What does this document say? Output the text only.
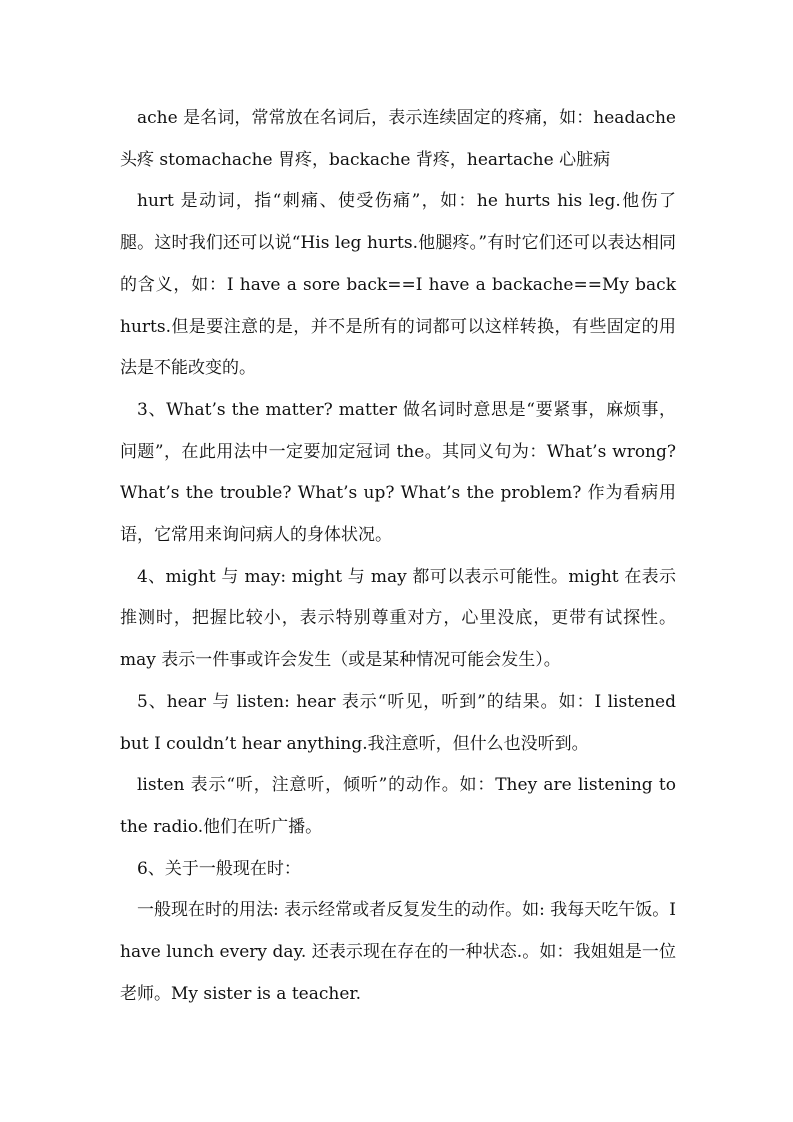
ache 是名词，常常放在名词后，表示连续固定的疼痛，如：headache 头疼 stomachache 胃疼，backache 背疼，heartache 心脏病

hurt 是动词，指“刺痛、使受伤痛”，如：he hurts his leg.他伤了腿。这时我们还可以说“His leg hurts.他腿疼。”有时它们还可以表达相同的含义，如：I have a sore back==I have a backache==My back hurts.但是要注意的是，并不是所有的词都可以这样转换，有些固定的用法是不能改变的。

3、What’s the matter? matter 做名词时意思是“要紧事，麻烦事，问题”，在此用法中一定要加定冠词 the。其同义句为：What’s wrong? What’s the trouble? What’s up? What’s the problem? 作为看病用语，它常用来询问病人的身体状况。

4、might 与 may: might 与 may 都可以表示可能性。might 在表示推测时，把握比较小，表示特别尊重对方，心里没底，更带有试探性。may 表示一件事或许会发生（或是某种情况可能会发生）。

5、hear 与 listen: hear 表示“听见，听到”的结果。如：I listened but I couldn’t hear anything.我注意听，但什么也没听到。

listen 表示“听，注意听，倾听”的动作。如：They are listening to the radio.他们在听广播。

6、关于一般现在时：

一般现在时的用法: 表示经常或者反复发生的动作。如: 我每天吃午饭。I have lunch every day. 还表示现在存在的一种状态.。如：我姐姐是一位老师。My sister is a teacher.
